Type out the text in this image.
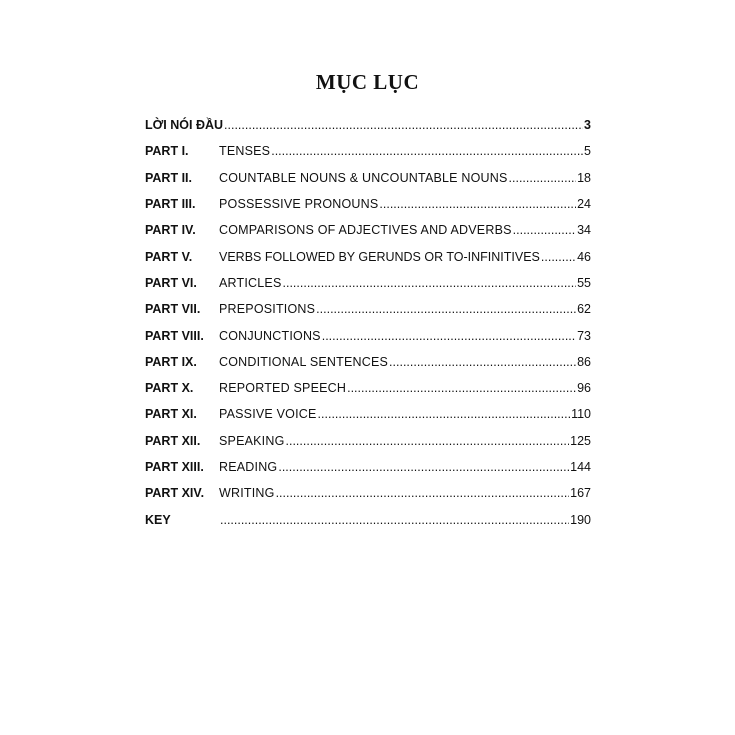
MỤC LỤC
LỜI NÓI ĐẦU .....	3
PART I.	TENSES .....	5
PART II.	COUNTABLE NOUNS & UNCOUNTABLE NOUNS .....	18
PART III.	POSSESSIVE PRONOUNS .....	24
PART IV.	COMPARISONS OF ADJECTIVES AND ADVERBS .....	34
PART V.	VERBS FOLLOWED BY GERUNDS OR TO-INFINITIVES .....	46
PART VI.	ARTICLES .....	55
PART VII.	PREPOSITIONS .....	62
PART VIII.	CONJUNCTIONS .....	73
PART IX.	CONDITIONAL SENTENCES .....	86
PART X.	REPORTED SPEECH .....	96
PART XI.	PASSIVE VOICE .....	110
PART XII.	SPEAKING .....	125
PART XIII.	READING .....	144
PART XIV.	WRITING .....	167
KEY .....	190
